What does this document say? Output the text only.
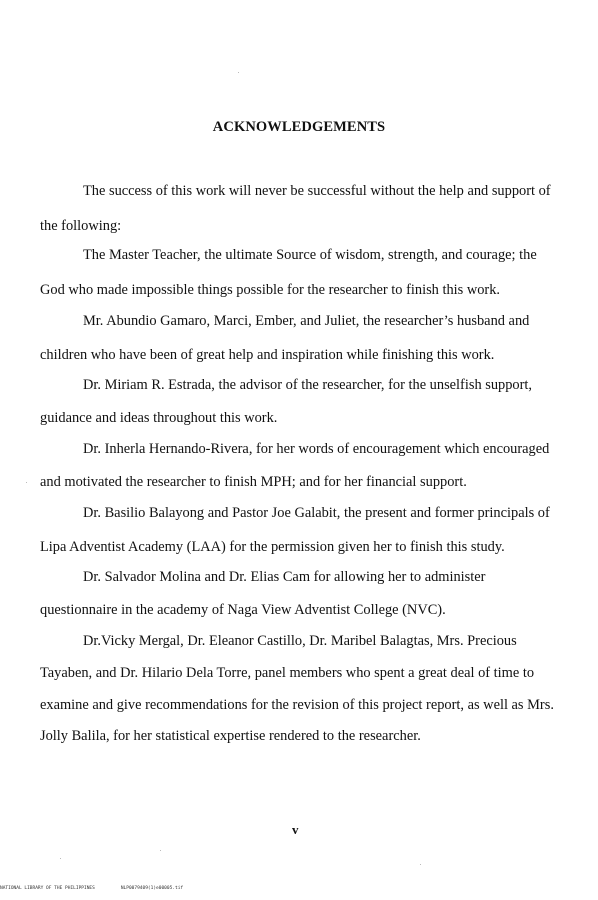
ACKNOWLEDGEMENTS
The success of this work will never be successful without the help and support of
the following:
The Master Teacher, the ultimate Source of wisdom, strength, and courage; the
God who made impossible things possible for the researcher to finish this work.
Mr. Abundio Gamaro, Marci, Ember, and Juliet, the researcher’s husband and
children who have been of great help and inspiration while finishing this work.
Dr. Miriam R. Estrada, the advisor of the researcher, for the unselfish support,
guidance and ideas throughout this work.
Dr. Inherla Hernando-Rivera, for her words of encouragement which encouraged
and motivated the researcher to finish MPH; and for her financial support.
Dr. Basilio Balayong and Pastor Joe Galabit, the present and former principals of
Lipa Adventist Academy (LAA) for the permission given her to finish this study.
Dr. Salvador Molina and Dr. Elias Cam for allowing her to administer
questionnaire in the academy of Naga View Adventist College (NVC).
Dr.Vicky Mergal, Dr. Eleanor Castillo, Dr. Maribel Balagtas, Mrs. Precious
Tayaben, and Dr. Hilario Dela Torre, panel members who spent a great deal of time to
examine and give recommendations for the revision of this project report, as well as Mrs.
Jolly Balila, for her statistical expertise rendered to the researcher.
v
NATIONAL LIBRARY OF THE PHILIPPINES	NLP0079409(1)e00005.tif
